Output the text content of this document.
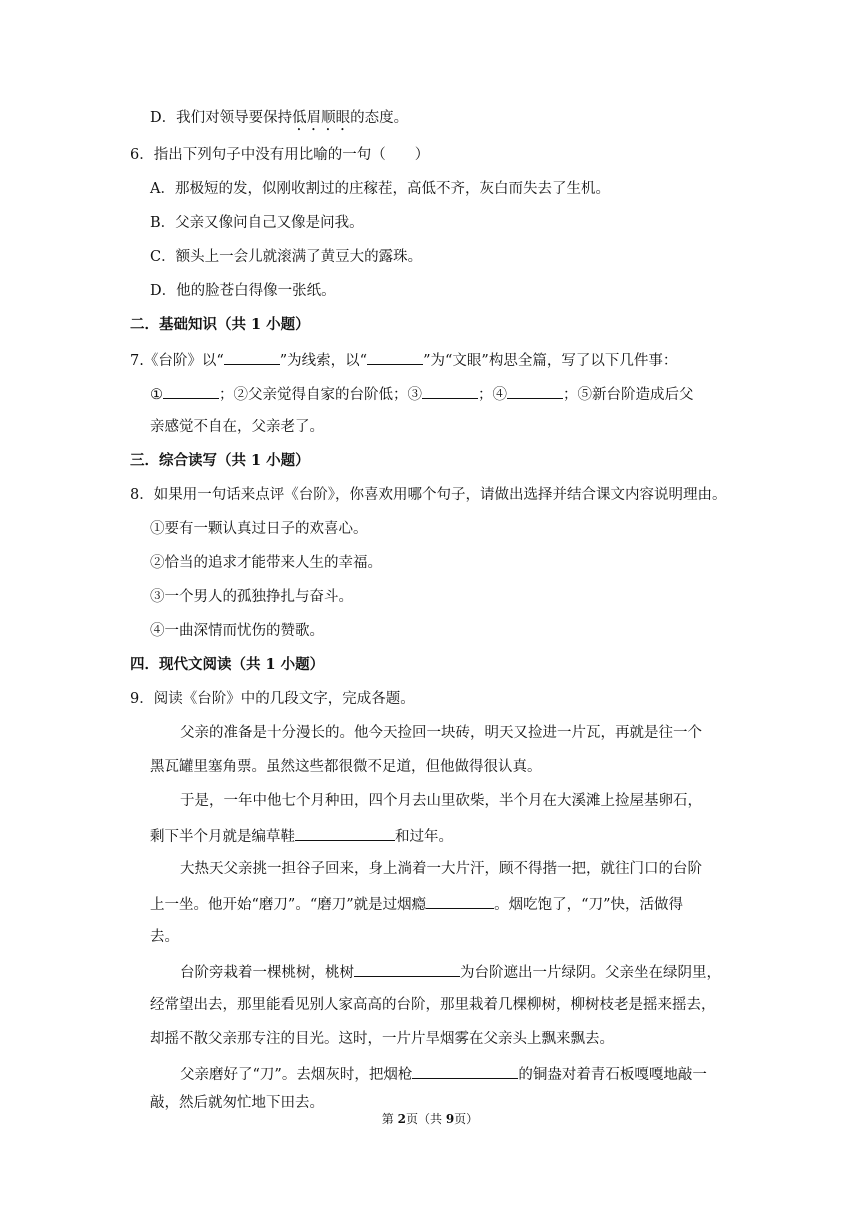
D．我们对领导要保持低眉顺眼的态度。
6．指出下列句子中没有用比喻的一句（　　）
A．那极短的发，似刚收割过的庄稼茬，高低不齐，灰白而失去了生机。
B．父亲又像问自己又像是问我。
C．额头上一会儿就滚满了黄豆大的露珠。
D．他的脸苍白得像一张纸。
二．基础知识（共 1 小题）
7.《台阶》以“	”为线索，以“	”为“文眼”构思全篇，写了以下几件事：
①	；②父亲觉得自家的台阶低；③	；④	；⑤新台阶造成后父
亲感觉不自在，父亲老了。
三．综合读写（共 1 小题）
8．如果用一句话来点评《台阶》，你喜欢用哪个句子，请做出选择并结合课文内容说明理由。
①要有一颗认真过日子的欢喜心。
②恰当的追求才能带来人生的幸福。
③一个男人的孤独挣扎与奋斗。
④一曲深情而忧伤的赞歌。
四．现代文阅读（共 1 小题）
9．阅读《台阶》中的几段文字，完成各题。
父亲的准备是十分漫长的。他今天捡回一块砖，明天又捡进一片瓦，再就是往一个
黑瓦罐里塞角票。虽然这些都很微不足道，但他做得很认真。
于是，一年中他七个月种田，四个月去山里砍柴，半个月在大溪滩上捡屋基卵石，
剩下半个月就是编草鞋	和过年。
大热天父亲挑一担谷子回来，身上淌着一大片汗，顾不得揩一把，就往门口的台阶
上一坐。他开始“磨刀”。“磨刀”就是过烟瘾	。烟吃饱了，“刀”快，活做得
去。
台阶旁栽着一棵桃树，桃树	为台阶遮出一片绿阴。父亲坐在绿阴里，
经常望出去，那里能看见别人家高高的台阶，那里栽着几棵柳树，柳树枝老是摇来摇去，
却摇不散父亲那专注的目光。这时，一片片旱烟雾在父亲头上飘来飘去。
父亲磨好了“刀”。去烟灰时，把烟枪	的铜盎对着青石板嘎嘎地敲一
敲，然后就匆忙地下田去。
第 2页（共 9页）
